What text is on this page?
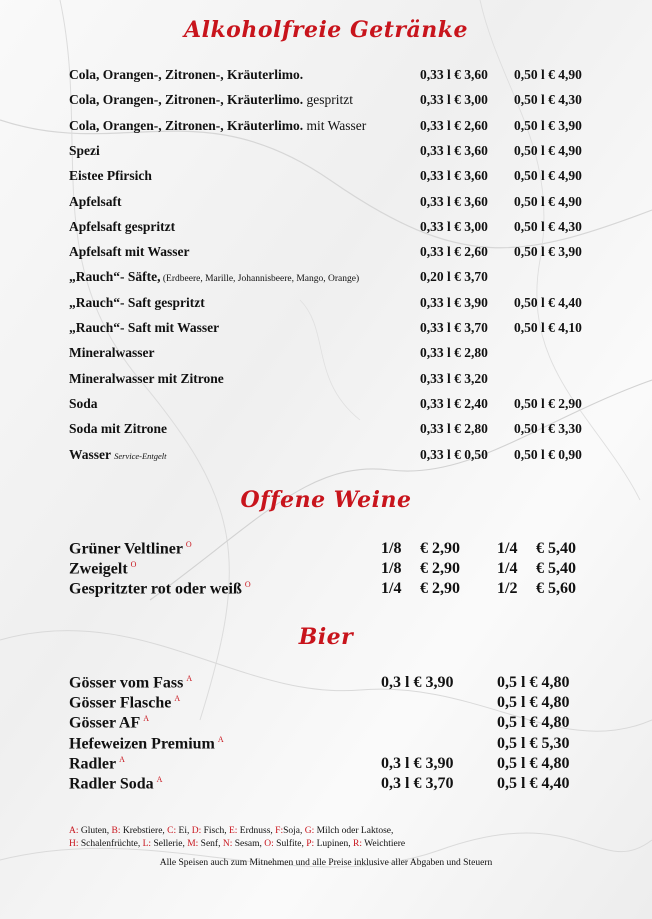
Alkoholfreie Getränke
Cola, Orangen-, Zitronen-, Kräuterlimo.	0,33 l € 3,60 0,50 l € 4,90
Cola, Orangen-, Zitronen-, Kräuterlimo. gespritzt	0,33 l € 3,00 0,50 l € 4,30
Cola, Orangen-, Zitronen-, Kräuterlimo. mit Wasser	0,33 l € 2,60 0,50 l € 3,90
Spezi	0,33 l € 3,60 0,50 l € 4,90
Eistee Pfirsich	0,33 l € 3,60 0,50 l € 4,90
Apfelsaft	0,33 l € 3,60 0,50 l € 4,90
Apfelsaft gespritzt	0,33 l € 3,00 0,50 l € 4,30
Apfelsaft mit Wasser	0,33 l € 2,60 0,50 l € 3,90
„Rauch“- Säfte, (Erdbeere, Marille, Johannisbeere, Mango, Orange)	0,20 l € 3,70
„Rauch“- Saft gespritzt	0,33 l € 3,90 0,50 l € 4,40
„Rauch“- Saft mit Wasser	0,33 l € 3,70 0,50 l € 4,10
Mineralwasser	0,33 l € 2,80
Mineralwasser mit Zitrone	0,33 l € 3,20
Soda	0,33 l € 2,40 0,50 l € 2,90
Soda mit Zitrone	0,33 l € 2,80 0,50 l € 3,30
Wasser Service-Entgelt	0,33 l € 0,50 0,50 l € 0,90
Offene Weine
Grüner Veltliner $^O$	1/8 € 2,90 1/4 € 5,40
Zweigelt $^O$	1/8 € 2,90 1/4 € 5,40
Gespritzter rot oder weiß $^O$	1/4 € 2,90 1/2 € 5,60
Bier
Gösser vom Fass $^A$	0,3 l € 3,90	0,5 l € 4,80
Gösser Flasche $^A$	0,5 l € 4,80
Gösser AF $^A$	0,5 l € 4,80
Hefeweizen Premium $^A$	0,5 l € 5,30
Radler $^A$	0,3 l € 3,90	0,5 l € 4,80
Radler Soda $^A$	0,3 l € 3,70	0,5 l € 4,40
A: Gluten, B: Krebstiere, C: Ei, D: Fisch, E: Erdnuss, F:Soja, G: Milch oder Laktose,
H: Schalenfrüchte, L: Sellerie, M: Senf, N: Sesam, O: Sulfite, P: Lupinen, R: Weichtiere
Alle Speisen auch zum Mitnehmen und alle Preise inklusive aller Abgaben und Steuern
